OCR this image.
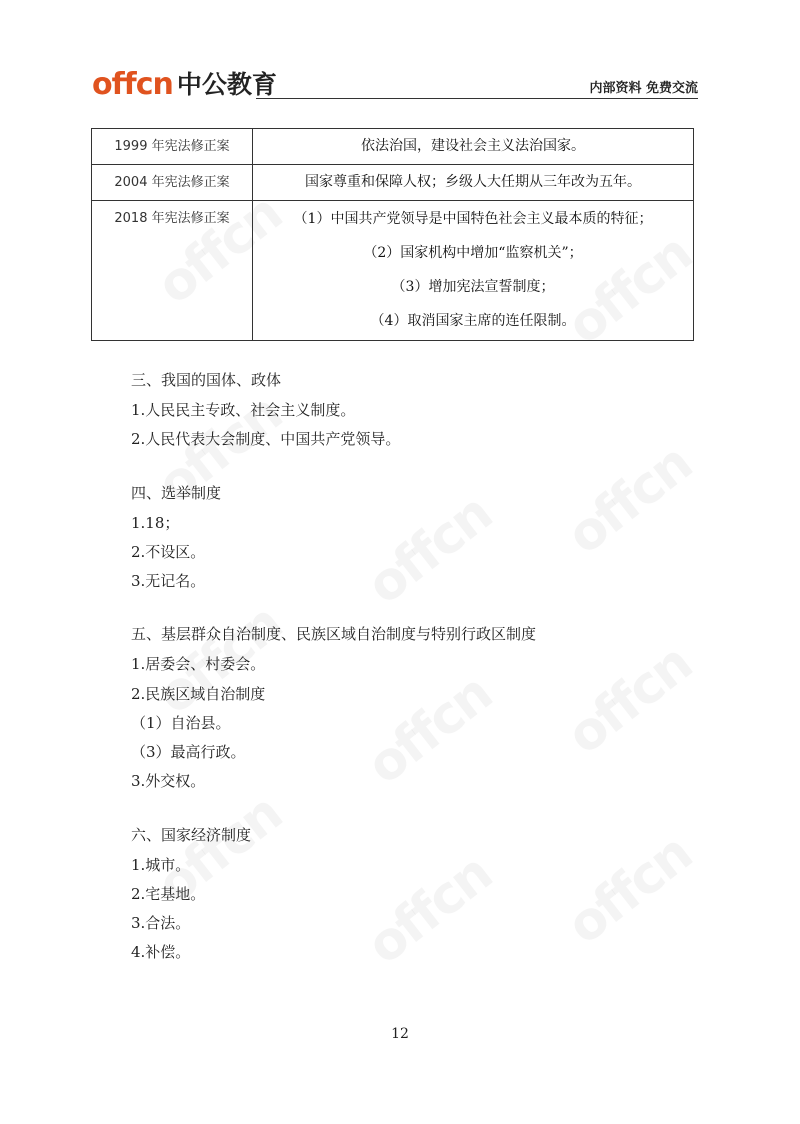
offcn 中公教育	内部资料 免费交流
1999 年宪法修正案	依法治国，建设社会主义法治国家。

2004 年宪法修正案	国家尊重和保障人权；乡级人大任期从三年改为五年。

2018 年宪法修正案	（1）中国共产党领导是中国特色社会主义最本质的特征；
（2）国家机构中增加“监察机关”；
（3）增加宪法宣誓制度；
（4）取消国家主席的连任限制。
三、我国的国体、政体
1.人民民主专政、社会主义制度。
2.人民代表大会制度、中国共产党领导。
四、选举制度
1.18；
2.不设区。
3.无记名。
五、基层群众自治制度、民族区域自治制度与特别行政区制度
1.居委会、村委会。
2.民族区域自治制度
（1）自治县。
（3）最高行政。
3.外交权。
六、国家经济制度
1.城市。
2.宅基地。
3.合法。
4.补偿。
12
